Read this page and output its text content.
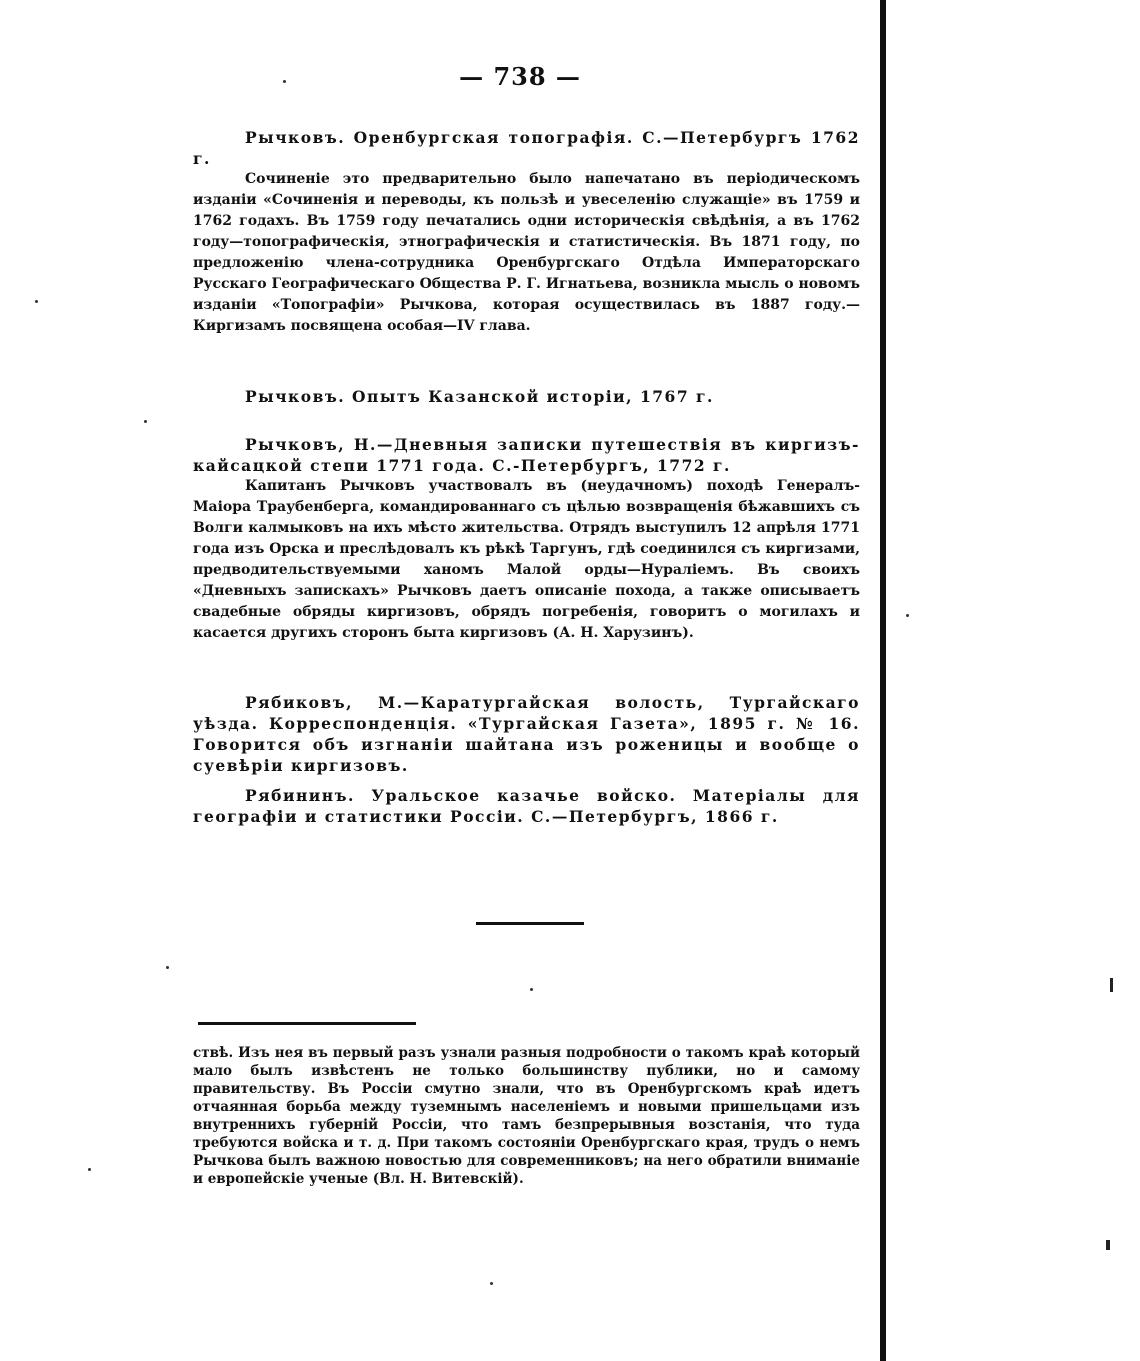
— 738 —

Рычковъ. Оренбургская топографія. С.—Петербургъ 1762 г.

Сочиненіе это предварительно было напечатано въ періодическомъ изданіи «Сочиненія и переводы, къ пользѣ и увеселенію служащіе» въ 1759 и 1762 годахъ. Въ 1759 году печатались одни историческія свѣдѣнія, а въ 1762 году—топографическія, этнографическія и статистическія. Въ 1871 году, по предложенію члена-сотрудника Оренбургскаго Отдѣла Императорскаго Русскаго Географическаго Общества Р. Г. Игнатьева, возникла мысль о новомъ изданіи «Топографіи» Рычкова, которая осуществилась въ 1887 году.—Киргизамъ посвящена особая—IV глава.

Рычковъ. Опытъ Казанской исторіи, 1767 г.

Рычковъ, Н.—Дневныя записки путешествія въ киргизъ-кайсацкой степи 1771 года. С.-Петербургъ, 1772 г.

Капитанъ Рычковъ участвовалъ въ (неудачномъ) походѣ Генералъ-Маіора Траубенберга, командированнаго съ цѣлью возвращенія бѣжавшихъ съ Волги калмыковъ на ихъ мѣсто жительства. Отрядъ выступилъ 12 апрѣля 1771 года изъ Орска и преслѣдовалъ къ рѣкѣ Таргунъ, гдѣ соединился съ киргизами, предводительствуемыми ханомъ Малой орды—Нуралiемъ. Въ своихъ «Дневныхъ запискахъ» Рычковъ даетъ описаніе похода, а также описываетъ свадебные обряды киргизовъ, обрядъ погребенія, говоритъ о могилахъ и касается другихъ сторонъ быта киргизовъ (А. Н. Харузинъ).

Рябиковъ, М.—Каратургайская волость, Тургайскаго уѣзда. Корреспонденція. «Тургайская Газета», 1895 г. № 16. Говорится объ изгнаніи шайтана изъ роженицы и вообще о суевѣріи киргизовъ.

Рябининъ. Уральское казачье войско. Матеріалы для географіи и статистики Россіи. С.—Петербургъ, 1866 г.

ствѣ. Изъ нея въ первый разъ узнали разныя подробности о такомъ краѣ который мало былъ извѣстенъ не только большинству публики, но и самому правительству. Въ Россіи смутно знали, что въ Оренбургскомъ краѣ идетъ отчаянная борьба между туземнымъ населеніемъ и новыми пришельцами изъ внутреннихъ губерній Россіи, что тамъ безпрерывныя возстанія, что туда требуются войска и т. д. При такомъ состояніи Оренбургскаго края, трудъ о немъ Рычкова былъ важною новостью для современниковъ; на него обратили вниманіе и европейскіе ученые (Вл. Н. Витевскій).
